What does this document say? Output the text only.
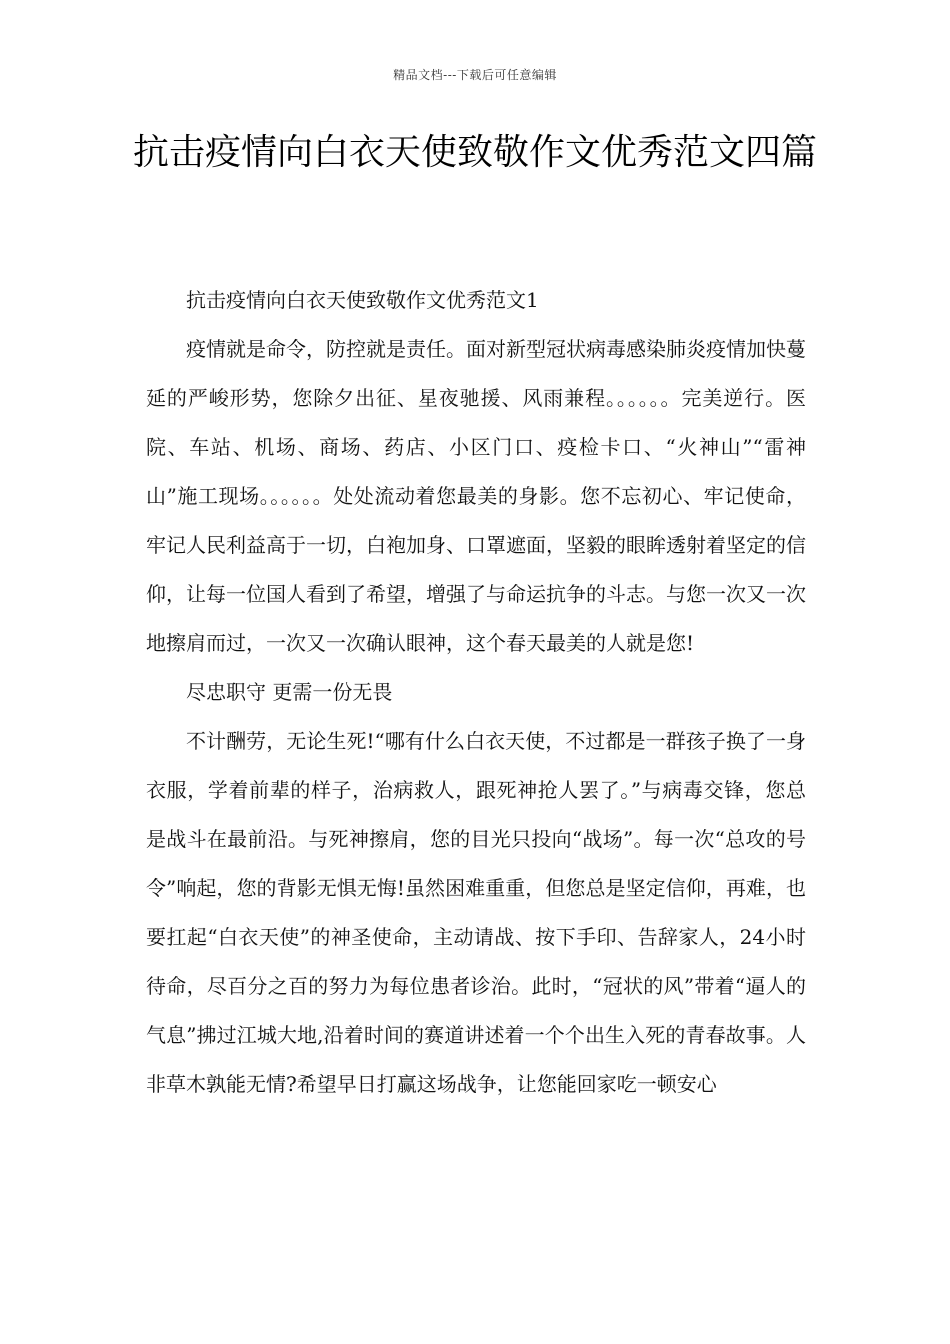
精品文档---下载后可任意编辑
抗击疫情向白衣天使致敬作文优秀范文四篇

抗击疫情向白衣天使致敬作文优秀范文1

疫情就是命令，防控就是责任。面对新型冠状病毒感染肺炎疫情加快蔓延的严峻形势，您除夕出征、星夜驰援、风雨兼程。。。。。。完美逆行。医院、车站、机场、商场、药店、小区门口、疫检卡口、“火神山”“雷神山”施工现场。。。。。。处处流动着您最美的身影。您不忘初心、牢记使命，牢记人民利益高于一切，白袍加身、口罩遮面，坚毅的眼眸透射着坚定的信仰，让每一位国人看到了希望，增强了与命运抗争的斗志。与您一次又一次地擦肩而过，一次又一次确认眼神，这个春天最美的人就是您!

尽忠职守 更需一份无畏

不计酬劳，无论生死!“哪有什么白衣天使，不过都是一群孩子换了一身衣服，学着前辈的样子，治病救人，跟死神抢人罢了。”与病毒交锋，您总是战斗在最前沿。与死神擦肩，您的目光只投向“战场”。每一次“总攻的号令”响起，您的背影无惧无悔!虽然困难重重，但您总是坚定信仰，再难，也要扛起“白衣天使”的神圣使命，主动请战、按下手印、告辞家人，24小时待命，尽百分之百的努力为每位患者诊治。此时，“冠状的风”带着“逼人的气息”拂过江城大地,沿着时间的赛道讲述着一个个出生入死的青春故事。人非草木孰能无情?希望早日打赢这场战争，让您能回家吃一顿安心
